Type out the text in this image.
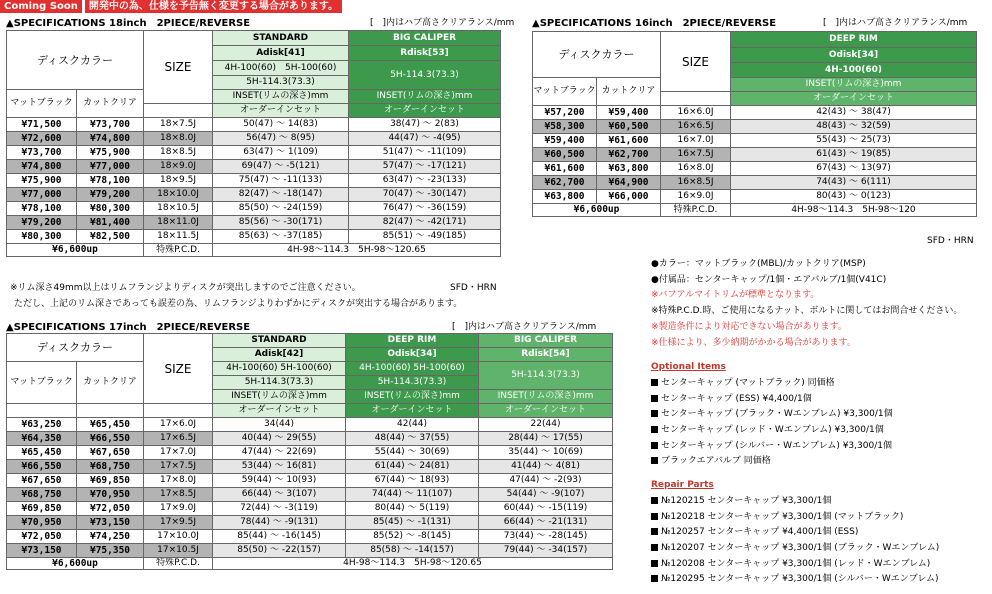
Coming Soon	開発中の為、仕様を予告無く変更する場合があります。
▲SPECIFICATIONS 18inch　2PIECE/REVERSE	[　]内はハブ高さクリアランス/mm
ディスクカラー		SIZE	STANDARD	BIG CALIPER
			Adisk[41]	Rdisk[53]
			4H-100(60)　5H-100(60)	5H-114.3(73.3)
			5H-114.3(73.3)	
マットブラック	カットクリア		INSET(リムの深さ)mm	INSET(リムの深さ)mm
			オーダーインセット	オーダーインセット
¥71,500	¥73,700	18×7.5J	50(47) ～ 14(83)	38(47) ～ 2(83)
¥72,600	¥74,800	18×8.0J	56(47) ～ 8(95)	44(47) ～ -4(95)
¥73,700	¥75,900	18×8.5J	63(47) ～ 1(109)	51(47) ～ -11(109)
¥74,800	¥77,000	18×9.0J	69(47) ～ -5(121)	57(47) ～ -17(121)
¥75,900	¥78,100	18×9.5J	75(47) ～ -11(133)	63(47) ～ -23(133)
¥77,000	¥79,200	18×10.0J	82(47) ～ -18(147)	70(47) ～ -30(147)
¥78,100	¥80,300	18×10.5J	85(50) ～ -24(159)	76(47) ～ -36(159)
¥79,200	¥81,400	18×11.0J	85(56) ～ -30(171)	82(47) ～ -42(171)
¥80,300	¥82,500	18×11.5J	85(63) ～ -37(185)	85(51) ～ -49(185)
¥6,600up		特殊P.C.D.	4H-98～114.3　5H-98～120.65	
SFD・HRN
※リム深さ49mm以上はリムフランジよりディスクが突出しますのでご注意ください。
ただし、上記のリム深さであっても誤差の為、リムフランジよりわずかにディスクが突出する場合があります。
▲SPECIFICATIONS 17inch　2PIECE/REVERSE	[　]内はハブ高さクリアランス/mm
ディスクカラー		SIZE	STANDARD	DEEP RIM	BIG CALIPER
			Adisk[42]	Odisk[34]	Rdisk[54]
マットブラック	カットクリア		4H-100(60) 5H-100(60)	4H-100(60) 5H-100(60)	5H-114.3(73.3)
			5H-114.3(73.3)	5H-114.3(73.3)	
			INSET(リムの深さ)mm	INSET(リムの深さ)mm	INSET(リムの深さ)mm
			オーダーインセット	オーダーインセット	オーダーインセット
¥63,250	¥65,450	17×6.0J	34(44)	42(44)	22(44)
¥64,350	¥66,550	17×6.5J	40(44) ～ 29(55)	48(44) ～ 37(55)	28(44) ～ 17(55)
¥65,450	¥67,650	17×7.0J	47(44) ～ 22(69)	55(44) ～ 30(69)	35(44) ～ 10(69)
¥66,550	¥68,750	17×7.5J	53(44) ～ 16(81)	61(44) ～ 24(81)	41(44) ～ 4(81)
¥67,650	¥69,850	17×8.0J	59(44) ～ 10(93)	67(44) ～ 18(93)	47(44) ～ -2(93)
¥68,750	¥70,950	17×8.5J	66(44) ～ 3(107)	74(44) ～ 11(107)	54(44) ～ -9(107)
¥69,850	¥72,050	17×9.0J	72(44) ～ -3(119)	80(44) ～ 5(119)	60(44) ～ -15(119)
¥70,950	¥73,150	17×9.5J	78(44) ～ -9(131)	85(45) ～ -1(131)	66(44) ～ -21(131)
¥72,050	¥74,250	17×10.0J	85(44) ～ -16(145)	85(52) ～ -8(145)	73(44) ～ -28(145)
¥73,150	¥75,350	17×10.5J	85(50) ～ -22(157)	85(58) ～ -14(157)	79(44) ～ -34(157)
¥6,600up		特殊P.C.D.	4H-98～114.3　5H-98～120.65		
▲SPECIFICATIONS 16inch　2PIECE/REVERSE	[　]内はハブ高さクリアランス/mm
ディスクカラー		SIZE	DEEP RIM
			Odisk[34]
			4H-100(60)
マットブラック	カットクリア		INSET(リムの深さ)mm
			オーダーインセット
¥57,200	¥59,400	16×6.0J	42(43) ～ 38(47)
¥58,300	¥60,500	16×6.5J	48(43) ～ 32(59)
¥59,400	¥61,600	16×7.0J	55(43) ～ 25(73)
¥60,500	¥62,700	16×7.5J	61(43) ～ 19(85)
¥61,600	¥63,800	16×8.0J	67(43) ～ 13(97)
¥62,700	¥64,900	16×8.5J	74(43) ～ 6(111)
¥63,800	¥66,000	16×9.0J	80(43) ～ 0(123)
¥6,600up		特殊P.C.D.	4H-98～114.3　5H-98～120
SFD・HRN
●カラー：マットブラック(MBL)/カットクリア(MSP)
●付属品：センターキャップ/1個・エアバルブ/1個(V41C)
※バフアルマイトリムが標準となります。
※特殊P.C.D.時、ご使用になるナット、ボルトに関してはお問合せください。
※製造条件により対応できない場合があります。
※仕様により、多少納期がかかる場合があります。
Optional Items
センターキャップ (マットブラック) 同価格
センターキャップ (ESS) ¥4,400/1個
センターキャップ (ブラック・Wエンブレム) ¥3,300/1個
センターキャップ (レッド・Wエンブレム) ¥3,300/1個
センターキャップ (シルバー・Wエンブレム) ¥3,300/1個
ブラックエアバルブ 同価格
Repair Parts
№120215 センターキャップ ¥3,300/1個
№120218 センターキャップ ¥3,300/1個 (マットブラック)
№120257 センターキャップ ¥4,400/1個 (ESS)
№120207 センターキャップ ¥3,300/1個 (ブラック・Wエンブレム)
№120208 センターキャップ ¥3,300/1個 (レッド・Wエンブレム)
№120295 センターキャップ ¥3,300/1個 (シルバー・Wエンブレム)
